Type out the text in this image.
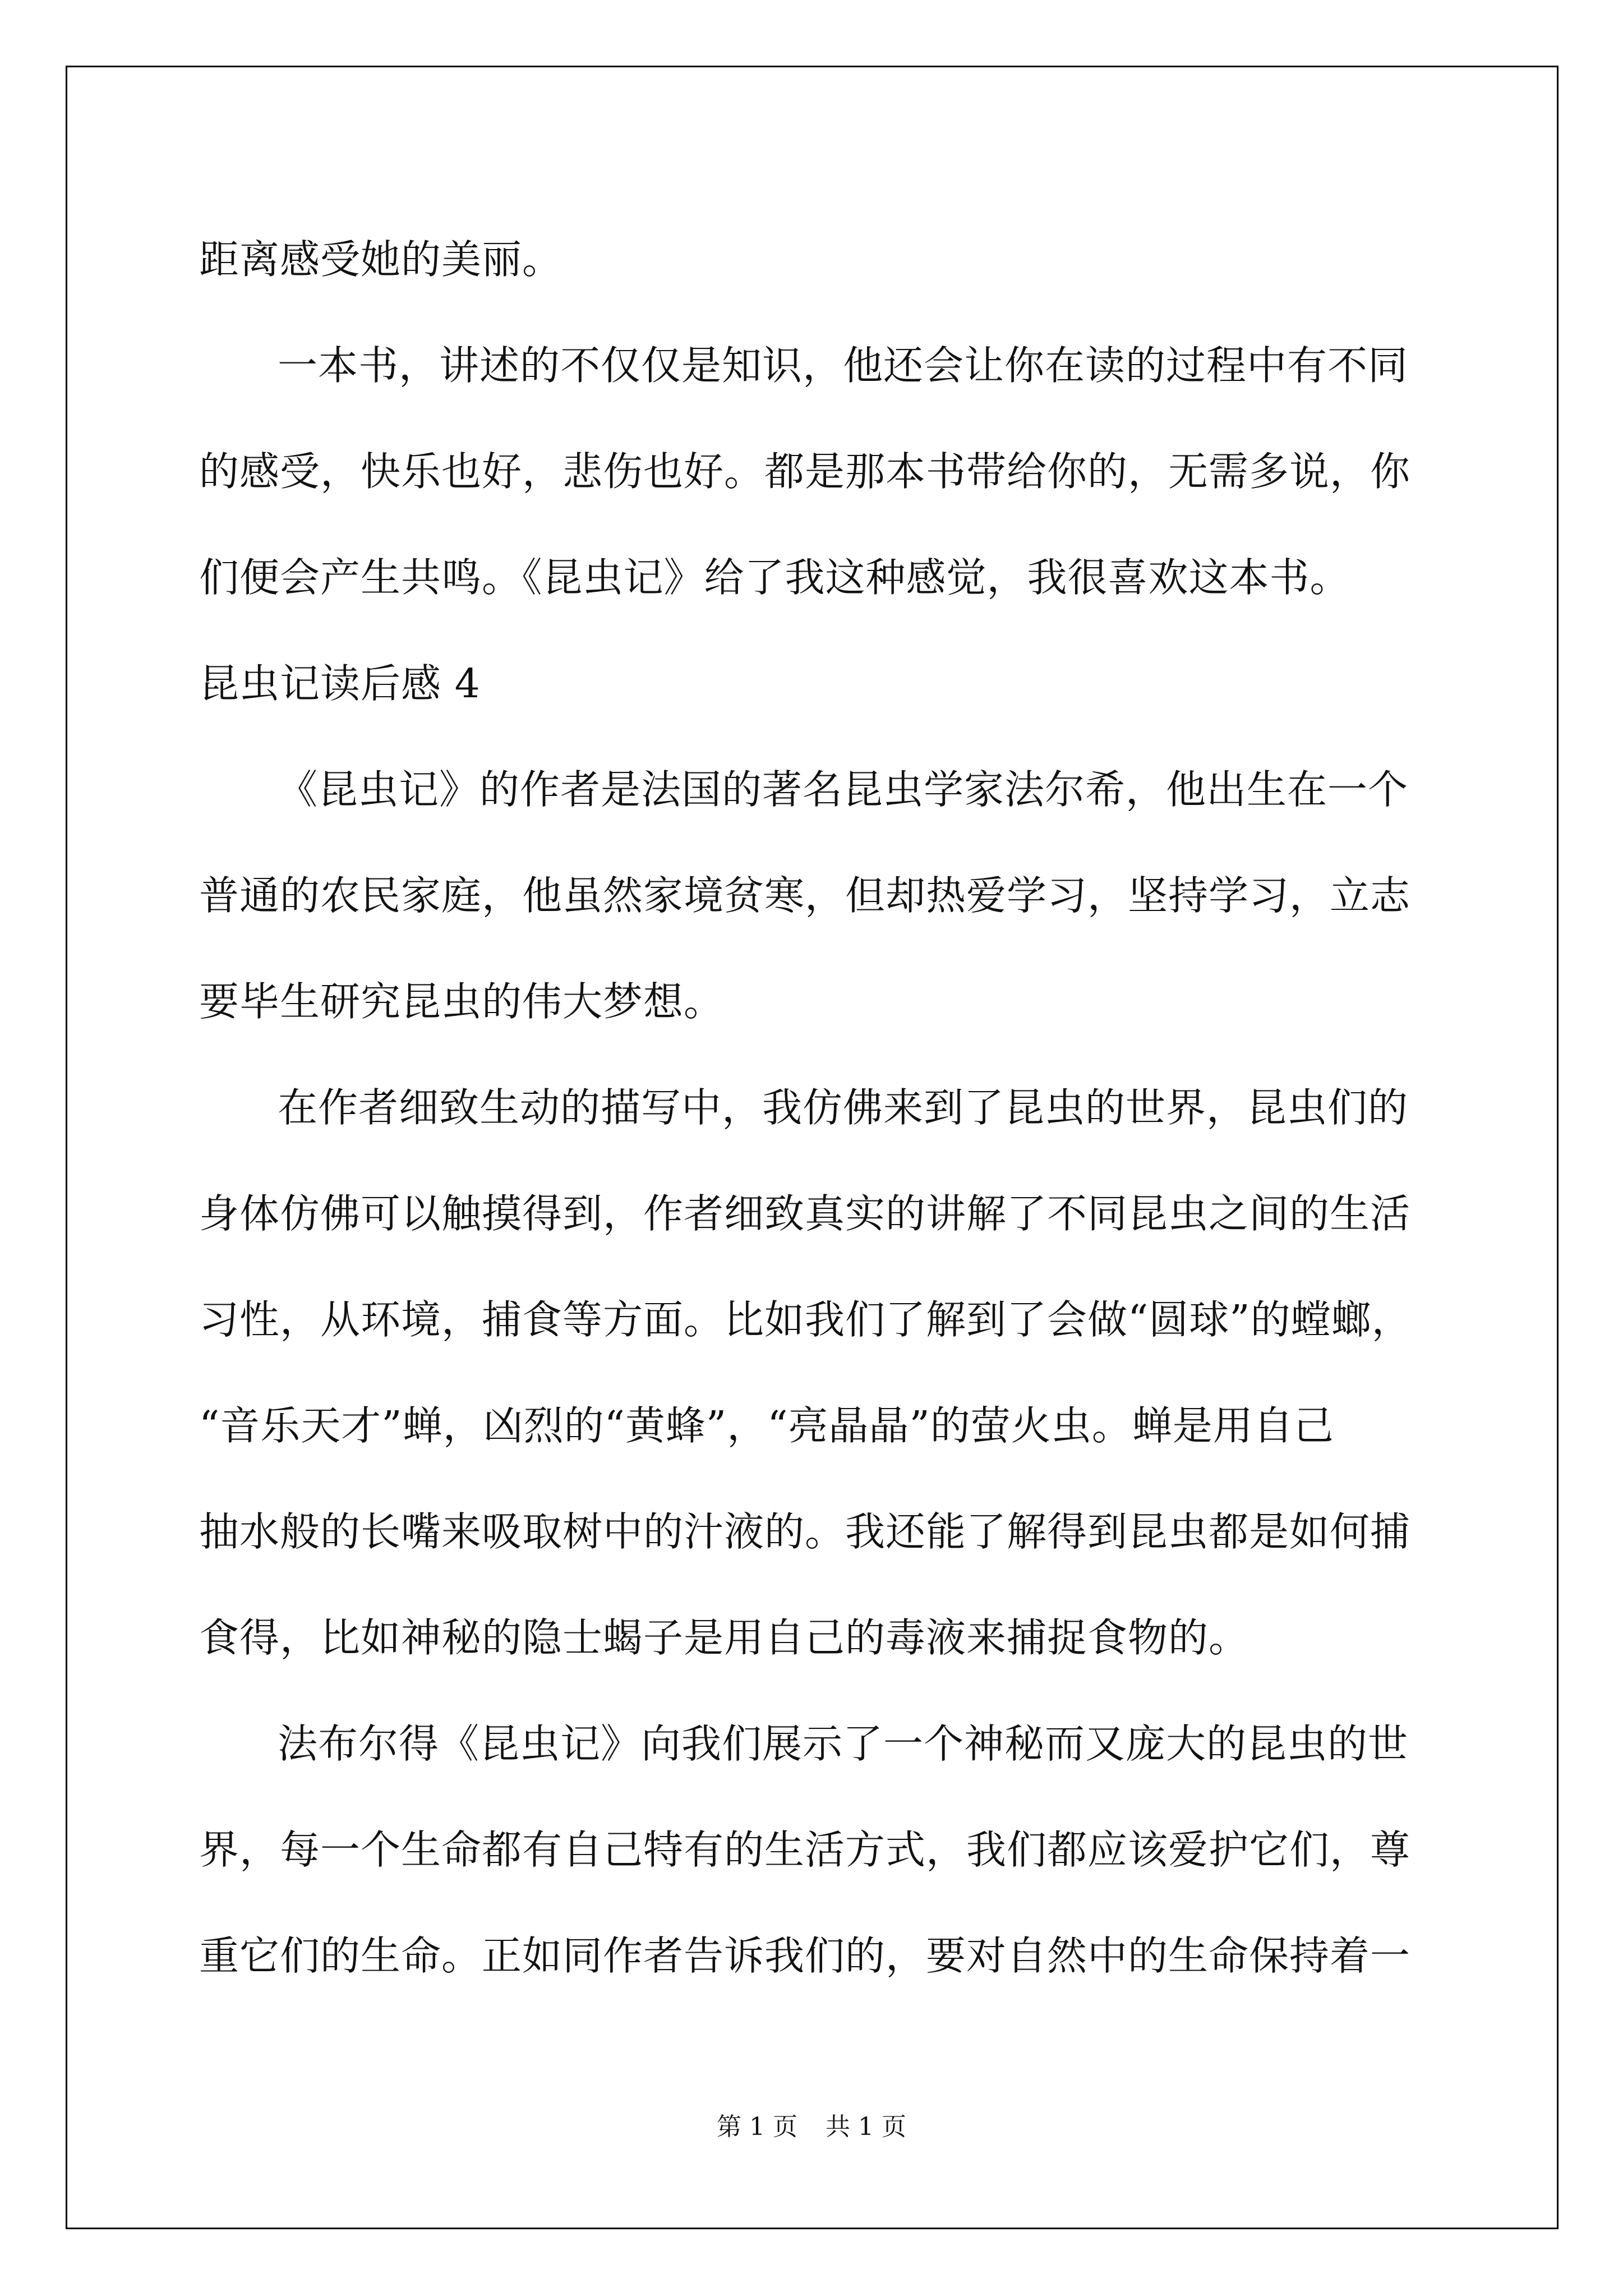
距离感受她的美丽。
一本书，讲述的不仅仅是知识，他还会让你在读的过程中有不同
的感受，快乐也好，悲伤也好。都是那本书带给你的，无需多说，你
们便会产生共鸣。《昆虫记》给了我这种感觉，我很喜欢这本书。
昆虫记读后感 4
《昆虫记》的作者是法国的著名昆虫学家法尔希，他出生在一个
普通的农民家庭，他虽然家境贫寒，但却热爱学习，坚持学习，立志
要毕生研究昆虫的伟大梦想。
在作者细致生动的描写中，我仿佛来到了昆虫的世界，昆虫们的
身体仿佛可以触摸得到，作者细致真实的讲解了不同昆虫之间的生活
习性，从环境，捕食等方面。比如我们了解到了会做“圆球”的螳螂，
“音乐天才”蝉，凶烈的“黄蜂”，“亮晶晶”的萤火虫。蝉是用自己
抽水般的长嘴来吸取树中的汁液的。我还能了解得到昆虫都是如何捕
食得，比如神秘的隐士蝎子是用自己的毒液来捕捉食物的。
法布尔得《昆虫记》向我们展示了一个神秘而又庞大的昆虫的世
界，每一个生命都有自己特有的生活方式，我们都应该爱护它们，尊
重它们的生命。正如同作者告诉我们的，要对自然中的生命保持着一
第 1 页 共 1 页
